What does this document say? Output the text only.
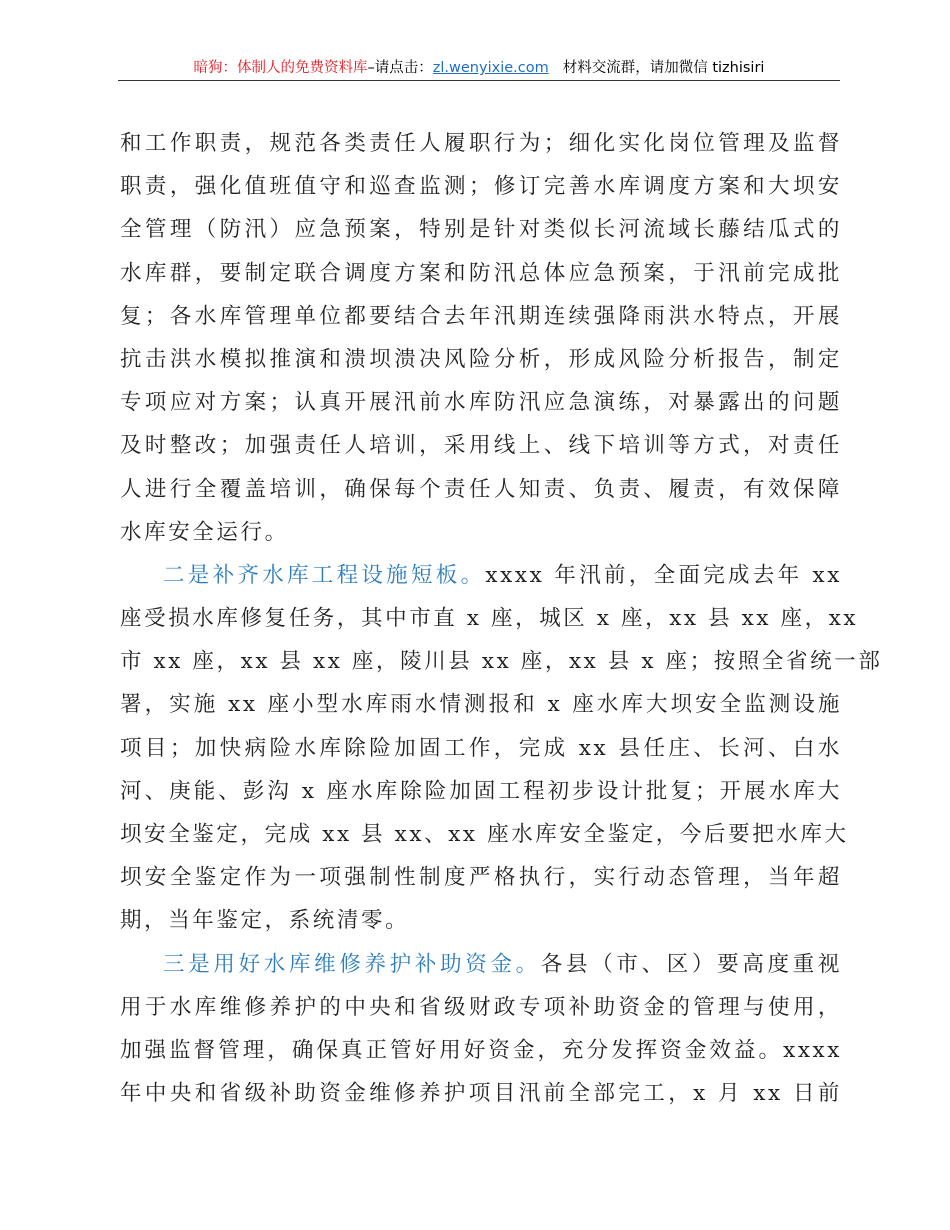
暗狗：体制人的免费资料库–请点击：zl.wenyixie.com 材料交流群，请加微信 tizhisiri
和工作职责，规范各类责任人履职行为；细化实化岗位管理及监督
职责，强化值班值守和巡查监测；修订完善水库调度方案和大坝安
全管理（防汛）应急预案，特别是针对类似长河流域长藤结瓜式的
水库群，要制定联合调度方案和防汛总体应急预案，于汛前完成批
复；各水库管理单位都要结合去年汛期连续强降雨洪水特点，开展
抗击洪水模拟推演和溃坝溃决风险分析，形成风险分析报告，制定
专项应对方案；认真开展汛前水库防汛应急演练，对暴露出的问题
及时整改；加强责任人培训，采用线上、线下培训等方式，对责任
人进行全覆盖培训，确保每个责任人知责、负责、履责，有效保障
水库安全运行。
二是补齐水库工程设施短板。xxxx 年汛前，全面完成去年 xx
座受损水库修复任务，其中市直 x 座，城区 x 座，xx 县 xx 座，xx
市 xx 座，xx 县 xx 座，陵川县 xx 座，xx 县 x 座；按照全省统一部
署，实施 xx 座小型水库雨水情测报和 x 座水库大坝安全监测设施
项目；加快病险水库除险加固工作，完成 xx 县任庄、长河、白水
河、庚能、彭沟 x 座水库除险加固工程初步设计批复；开展水库大
坝安全鉴定，完成 xx 县 xx、xx 座水库安全鉴定，今后要把水库大
坝安全鉴定作为一项强制性制度严格执行，实行动态管理，当年超
期，当年鉴定，系统清零。
三是用好水库维修养护补助资金。各县（市、区）要高度重视
用于水库维修养护的中央和省级财政专项补助资金的管理与使用，
加强监督管理，确保真正管好用好资金，充分发挥资金效益。xxxx
年中央和省级补助资金维修养护项目汛前全部完工，x 月 xx 日前
